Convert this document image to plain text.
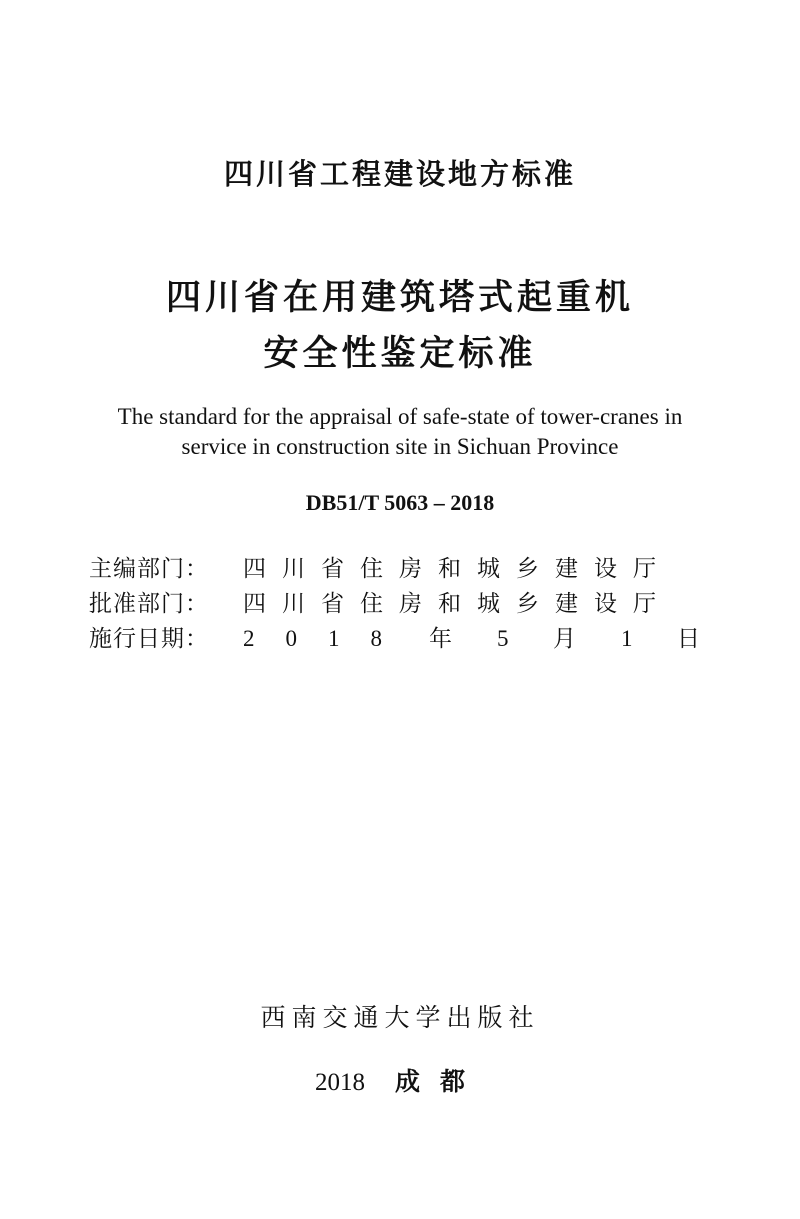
四川省工程建设地方标准
四川省在用建筑塔式起重机
安全性鉴定标准
The standard for the appraisal of safe-state of tower-cranes in
service in construction site in Sichuan Province
DB51/T 5063 – 2018
主编部门： 四川省住房和城乡建设厅
批准部门： 四川省住房和城乡建设厅
施行日期： 2018 年 5 月 1 日
西南交通大学出版社
2018 成都
